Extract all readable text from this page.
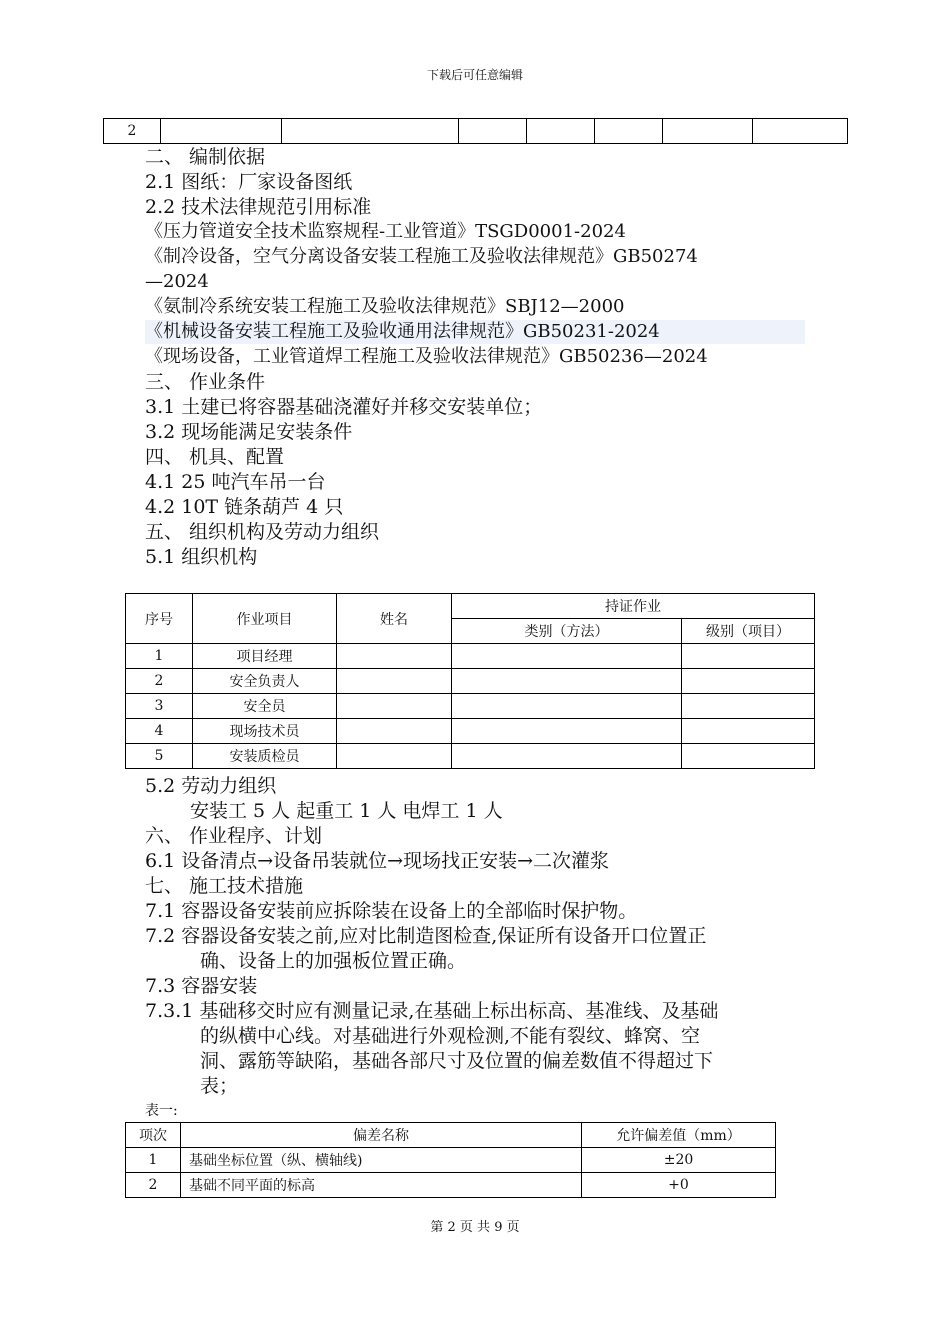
下载后可任意编辑
2							
二、 编制依据
2.1 图纸：厂家设备图纸
2.2 技术法律规范引用标准
《压力管道安全技术监察规程-工业管道》TSGD0001-2024
《制冷设备，空气分离设备安装工程施工及验收法律规范》GB50274
—2024
《氨制冷系统安装工程施工及验收法律规范》SBJ12—2000
《机械设备安装工程施工及验收通用法律规范》GB50231-2024
《现场设备，工业管道焊工程施工及验收法律规范》GB50236—2024
三、 作业条件
3.1 土建已将容器基础浇灌好并移交安装单位；
3.2 现场能满足安装条件
四、 机具、配置
4.1 25 吨汽车吊一台
4.2 10T 链条葫芦 4 只
五、 组织机构及劳动力组织
5.1 组织机构
序号	作业项目	姓名	持证作业	
			类别（方法）	级别（项目）
1	项目经理			
2	安全负责人			
3	安全员			
4	现场技术员			
5	安装质检员			
5.2 劳动力组织
安装工 5 人 起重工 1 人 电焊工 1 人
六、 作业程序、计划
6.1 设备清点→设备吊装就位→现场找正安装→二次灌浆
七、 施工技术措施
7.1 容器设备安装前应拆除装在设备上的全部临时保护物。
7.2 容器设备安装之前,应对比制造图检查,保证所有设备开口位置正
确、设备上的加强板位置正确。
7.3 容器安装
7.3.1 基础移交时应有测量记录,在基础上标出标高、基准线、及基础
的纵横中心线。对基础进行外观检测,不能有裂纹、蜂窝、空
洞、露筋等缺陷，基础各部尺寸及位置的偏差数值不得超过下
表；
表一:
项次	偏差名称	允许偏差值（mm）
1	基础坐标位置（纵、横轴线)	±20
2	基础不同平面的标高	+0
第 2 页 共 9 页
